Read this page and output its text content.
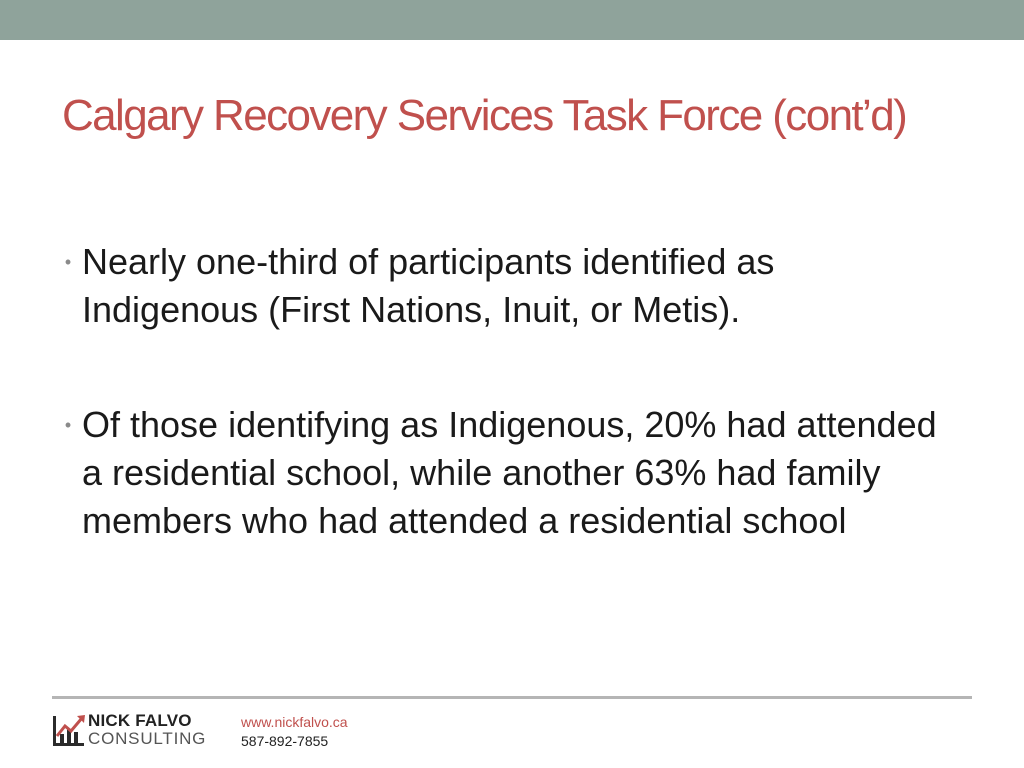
Calgary Recovery Services Task Force (cont’d)
• Nearly one-third of participants identified as Indigenous (First Nations, Inuit, or Metis).
• Of those identifying as Indigenous, 20% had attended a residential school, while another 63% had family members who had attended a residential school
NICK FALVO
CONSULTING
www.nickfalvo.ca
587-892-7855
